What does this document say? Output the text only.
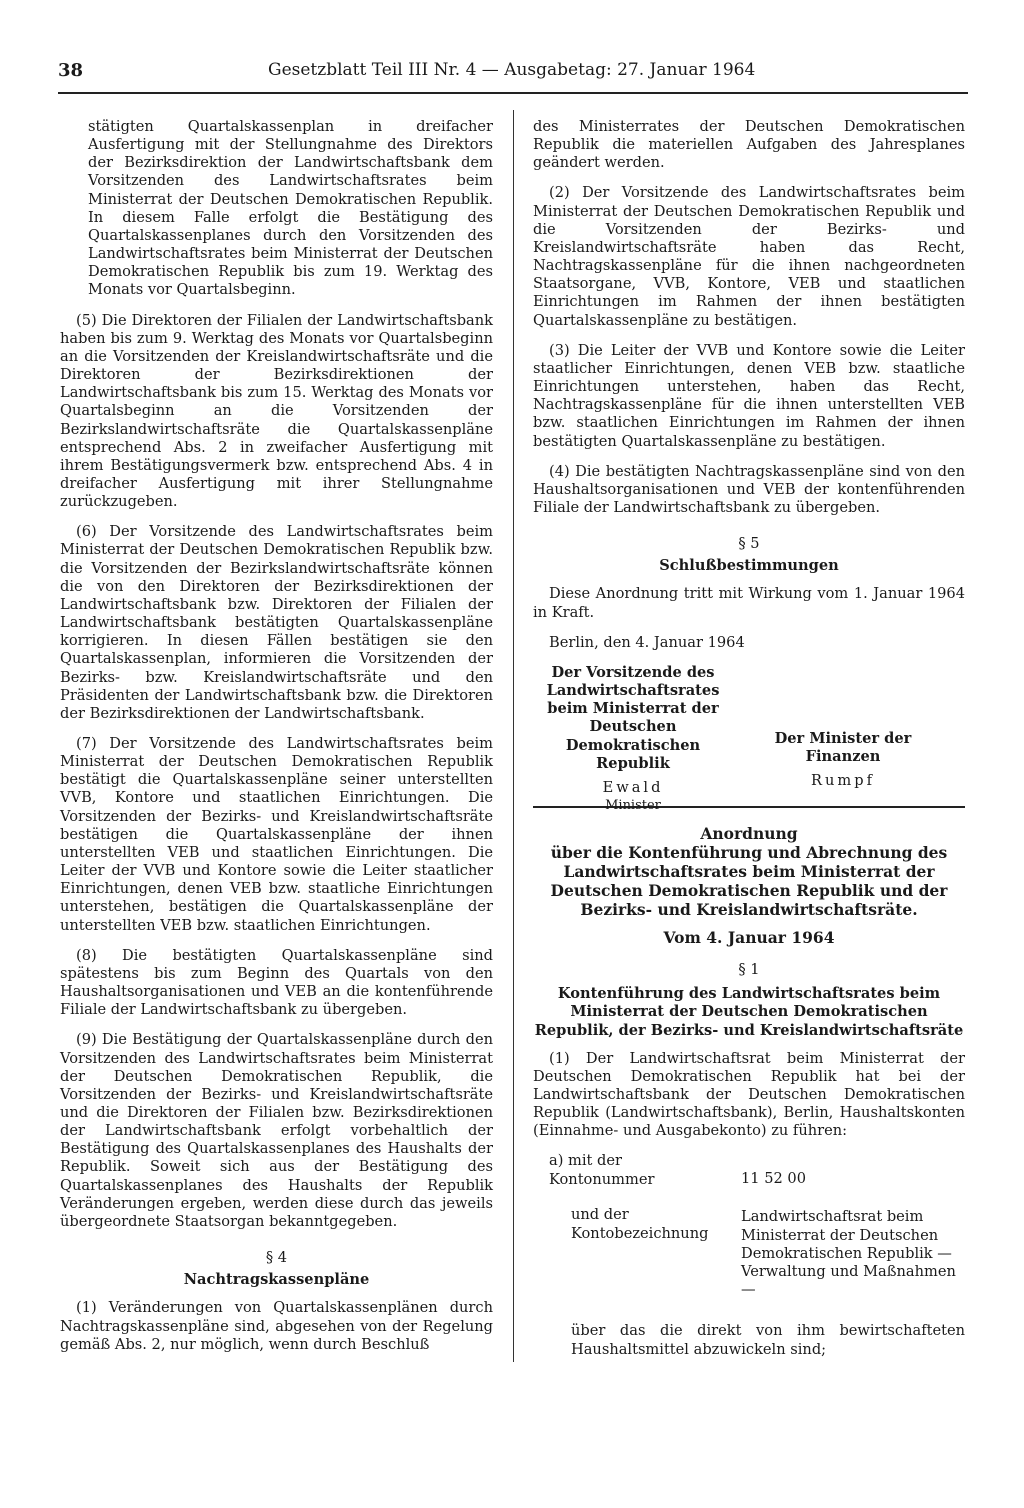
38	Gesetzblatt Teil III Nr. 4 — Ausgabetag: 27. Januar 1964

stätigten Quartalskassenplan in dreifacher Ausfertigung mit der Stellungnahme des Direktors der Bezirksdirektion der Landwirtschaftsbank dem Vorsitzenden des Landwirtschaftsrates beim Ministerrat der Deutschen Demokratischen Republik. In diesem Falle erfolgt die Bestätigung des Quartalskassenplanes durch den Vorsitzenden des Landwirtschaftsrates beim Ministerrat der Deutschen Demokratischen Republik bis zum 19. Werktag des Monats vor Quartalsbeginn.

(5) Die Direktoren der Filialen der Landwirtschaftsbank haben bis zum 9. Werktag des Monats vor Quartalsbeginn an die Vorsitzenden der Kreislandwirtschaftsräte und die Direktoren der Bezirksdirektionen der Landwirtschaftsbank bis zum 15. Werktag des Monats vor Quartalsbeginn an die Vorsitzenden der Bezirkslandwirtschaftsräte die Quartalskassenpläne entsprechend Abs. 2 in zweifacher Ausfertigung mit ihrem Bestätigungsvermerk bzw. entsprechend Abs. 4 in dreifacher Ausfertigung mit ihrer Stellungnahme zurückzugeben.

(6) Der Vorsitzende des Landwirtschaftsrates beim Ministerrat der Deutschen Demokratischen Republik bzw. die Vorsitzenden der Bezirkslandwirtschaftsräte können die von den Direktoren der Bezirksdirektionen der Landwirtschaftsbank bzw. Direktoren der Filialen der Landwirtschaftsbank bestätigten Quartalskassenpläne korrigieren. In diesen Fällen bestätigen sie den Quartalskassenplan, informieren die Vorsitzenden der Bezirks- bzw. Kreislandwirtschaftsräte und den Präsidenten der Landwirtschaftsbank bzw. die Direktoren der Bezirksdirektionen der Landwirtschaftsbank.

(7) Der Vorsitzende des Landwirtschaftsrates beim Ministerrat der Deutschen Demokratischen Republik bestätigt die Quartalskassenpläne seiner unterstellten VVB, Kontore und staatlichen Einrichtungen. Die Vorsitzenden der Bezirks- und Kreislandwirtschaftsräte bestätigen die Quartalskassenpläne der ihnen unterstellten VEB und staatlichen Einrichtungen. Die Leiter der VVB und Kontore sowie die Leiter staatlicher Einrichtungen, denen VEB bzw. staatliche Einrichtungen unterstehen, bestätigen die Quartalskassenpläne der unterstellten VEB bzw. staatlichen Einrichtungen.

(8) Die bestätigten Quartalskassenpläne sind spätestens bis zum Beginn des Quartals von den Haushaltsorganisationen und VEB an die kontenführende Filiale der Landwirtschaftsbank zu übergeben.

(9) Die Bestätigung der Quartalskassenpläne durch den Vorsitzenden des Landwirtschaftsrates beim Ministerrat der Deutschen Demokratischen Republik, die Vorsitzenden der Bezirks- und Kreislandwirtschaftsräte und die Direktoren der Filialen bzw. Bezirksdirektionen der Landwirtschaftsbank erfolgt vorbehaltlich der Bestätigung des Quartalskassenplanes des Haushalts der Republik. Soweit sich aus der Bestätigung des Quartalskassenplanes des Haushalts der Republik Veränderungen ergeben, werden diese durch das jeweils übergeordnete Staatsorgan bekanntgegeben.

§ 4
Nachtragskassenpläne

(1) Veränderungen von Quartalskassenplänen durch Nachtragskassenpläne sind, abgesehen von der Regelung gemäß Abs. 2, nur möglich, wenn durch Beschluß

des Ministerrates der Deutschen Demokratischen Republik die materiellen Aufgaben des Jahresplanes geändert werden.

(2) Der Vorsitzende des Landwirtschaftsrates beim Ministerrat der Deutschen Demokratischen Republik und die Vorsitzenden der Bezirks- und Kreislandwirtschaftsräte haben das Recht, Nachtragskassenpläne für die ihnen nachgeordneten Staatsorgane, VVB, Kontore, VEB und staatlichen Einrichtungen im Rahmen der ihnen bestätigten Quartalskassenpläne zu bestätigen.

(3) Die Leiter der VVB und Kontore sowie die Leiter staatlicher Einrichtungen, denen VEB bzw. staatliche Einrichtungen unterstehen, haben das Recht, Nachtragskassenpläne für die ihnen unterstellten VEB bzw. staatlichen Einrichtungen im Rahmen der ihnen bestätigten Quartalskassenpläne zu bestätigen.

(4) Die bestätigten Nachtragskassenpläne sind von den Haushaltsorganisationen und VEB der kontenführenden Filiale der Landwirtschaftsbank zu übergeben.

§ 5
Schlußbestimmungen

Diese Anordnung tritt mit Wirkung vom 1. Januar 1964 in Kraft.

Berlin, den 4. Januar 1964

Der Vorsitzende des Landwirtschaftsrates beim Ministerrat der Deutschen Demokratischen Republik
Ewald
Minister
Der Minister der Finanzen
Rumpf
Anordnung
über die Kontenführung und Abrechnung des Landwirtschaftsrates beim Ministerrat der Deutschen Demokratischen Republik und der Bezirks- und Kreislandwirtschaftsräte.
Vom 4. Januar 1964
§ 1
Kontenführung des Landwirtschaftsrates beim Ministerrat der Deutschen Demokratischen Republik, der Bezirks- und Kreislandwirtschaftsräte

(1) Der Landwirtschaftsrat beim Ministerrat der Deutschen Demokratischen Republik hat bei der Landwirtschaftsbank der Deutschen Demokratischen Republik (Landwirtschaftsbank), Berlin, Haushaltskonten (Einnahme- und Ausgabekonto) zu führen:

a) mit der Kontonummer	11 52 00
und der Kontobezeichnung
Landwirtschaftsrat beim Ministerrat der Deutschen Demokratischen Republik — Verwaltung und Maßnahmen —

über das die direkt von ihm bewirtschafteten Haushaltsmittel abzuwickeln sind;
